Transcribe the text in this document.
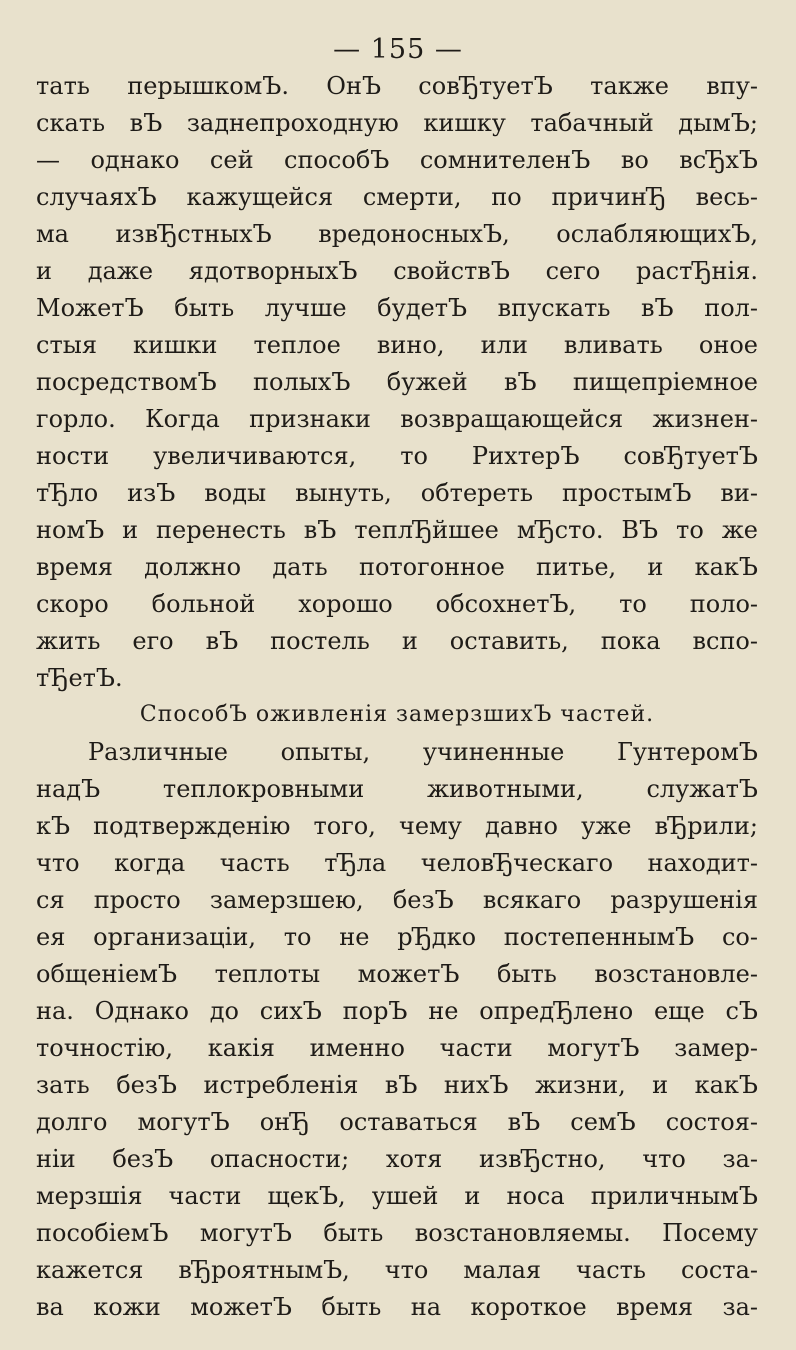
— 155 —
тать перышкомЪ. ОнЪ совЂтуетЪ также впу-
скать вЪ заднепроходную кишку табачный дымЪ;
— однако сей способЪ сомнителенЪ во всЂхЪ
случаяхЪ кажущейся смерти, по причинЂ весь-
ма извЂстныхЪ вредоносныхЪ, ослабляющихЪ,
и даже ядотворныхЪ свойствЪ сего растЂнія.
МожетЪ быть лучше будетЪ впускать вЪ пол-
стыя кишки теплое вино, или вливать оное
посредствомЪ полыхЪ бужей вЪ пищепріемное
горло. Когда признаки возвращающейся жизнен-
ности увеличиваются, то РихтерЪ совЂтуетЪ
тЂло изЪ воды вынуть, обтереть простымЪ ви-
номЪ и перенесть вЪ теплЂйшее мЂсто. ВЪ то же
время должно дать потогонное питье, и какЪ
скоро больной хорошо обсохнетЪ, то поло-
жить его вЪ постель и оставить, пока вспо-
тЂетЪ.
СпособЪ оживленія замерзшихЪ частей.
Различные опыты, учиненные ГунтеромЪ
надЪ теплокровными животными, служатЪ
кЪ подтвержденію того, чему давно уже вЂрили;
что когда часть тЂла человЂческаго находит-
ся просто замерзшею, безЪ всякаго разрушенія
ея организаціи, то не рЂдко постепеннымЪ со-
общеніемЪ теплоты можетЪ быть возстановле-
на. Однако до сихЪ порЪ не опредЂлено еще сЪ
точностію, какія именно части могутЪ замер-
зать безЪ истребленія вЪ нихЪ жизни, и какЪ
долго могутЪ онЂ оставаться вЪ семЪ состоя-
ніи безЪ опасности; хотя извЂстно, что за-
мерзшія части щекЪ, ушей и носа приличнымЪ
пособіемЪ могутЪ быть возстановляемы. Посему
кажется вЂроятнымЪ, что малая часть соста-
ва кожи можетЪ быть на короткое время за-
